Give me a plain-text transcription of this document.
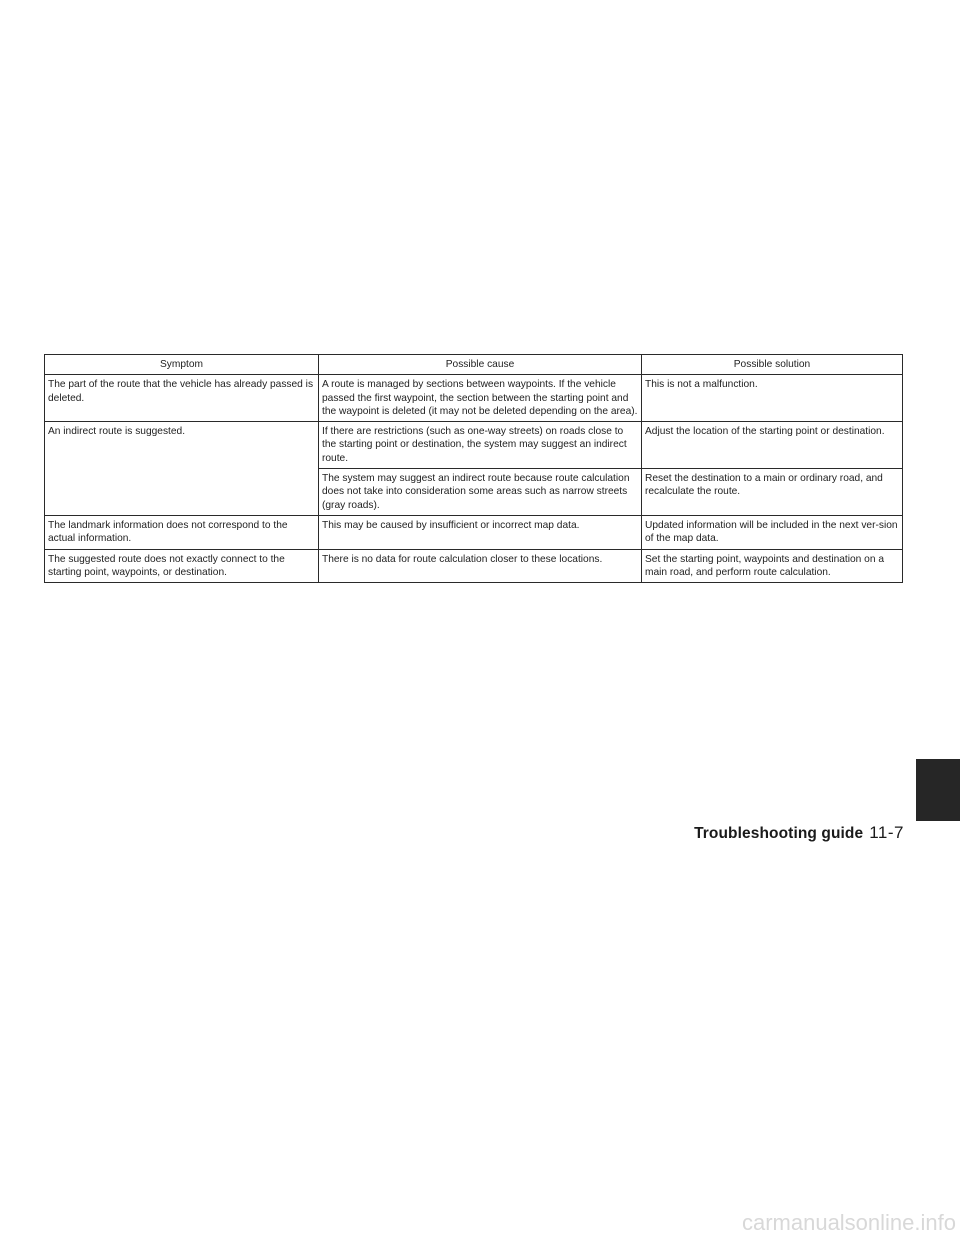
Symptom	Possible cause	Possible solution
The part of the route that the vehicle has already passed is deleted.	A route is managed by sections between waypoints. If the vehicle passed the first waypoint, the section between the starting point and the waypoint is deleted (it may not be deleted depending on the area).	This is not a malfunction.
An indirect route is suggested.	If there are restrictions (such as one-way streets) on roads close to the starting point or destination, the system may suggest an indirect route.	Adjust the location of the starting point or destination.
	The system may suggest an indirect route because route calculation does not take into consideration some areas such as narrow streets (gray roads).	Reset the destination to a main or ordinary road, and recalculate the route.
The landmark information does not correspond to the actual information.	This may be caused by insufficient or incorrect map data.	Updated information will be included in the next ver-sion of the map data.
The suggested route does not exactly connect to the starting point, waypoints, or destination.	There is no data for route calculation closer to these locations.	Set the starting point, waypoints and destination on a main road, and perform route calculation.
Troubleshooting guide 11-7
carmanualsonline.info
